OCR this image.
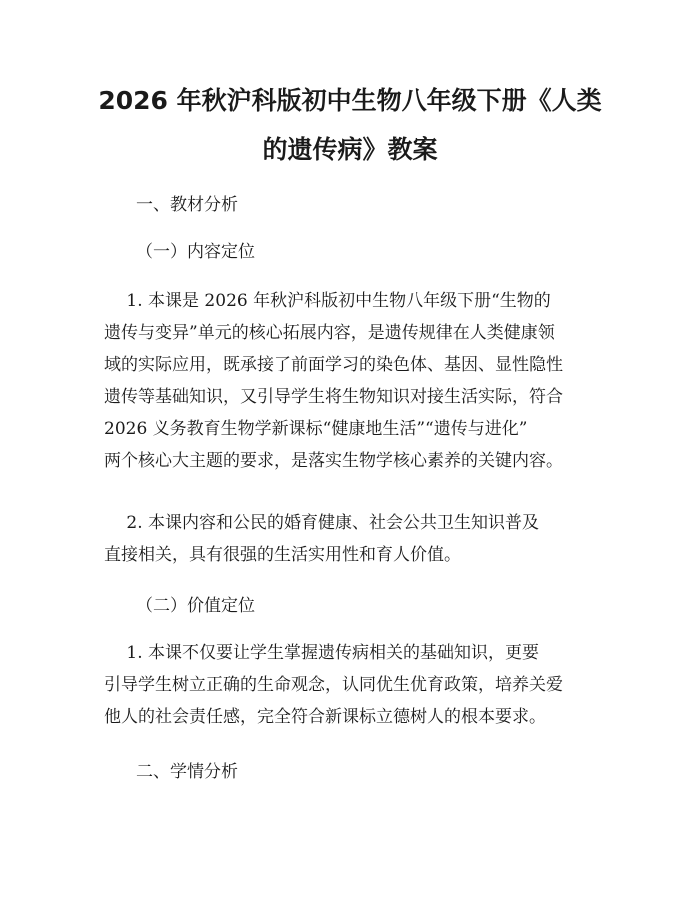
2026 年秋沪科版初中生物八年级下册《人类
的遗传病》教案

一、教材分析

（一）内容定位

　 1. 本课是 2026 年秋沪科版初中生物八年级下册“生物的
遗传与变异”单元的核心拓展内容，是遗传规律在人类健康领
域的实际应用，既承接了前面学习的染色体、基因、显性隐性
遗传等基础知识，又引导学生将生物知识对接生活实际，符合
2026 义务教育生物学新课标“健康地生活”“遗传与进化”
两个核心大主题的要求，是落实生物学核心素养的关键内容。

　 2. 本课内容和公民的婚育健康、社会公共卫生知识普及
直接相关，具有很强的生活实用性和育人价值。

（二）价值定位

　 1. 本课不仅要让学生掌握遗传病相关的基础知识，更要
引导学生树立正确的生命观念，认同优生优育政策，培养关爱
他人的社会责任感，完全符合新课标立德树人的根本要求。

二、学情分析
